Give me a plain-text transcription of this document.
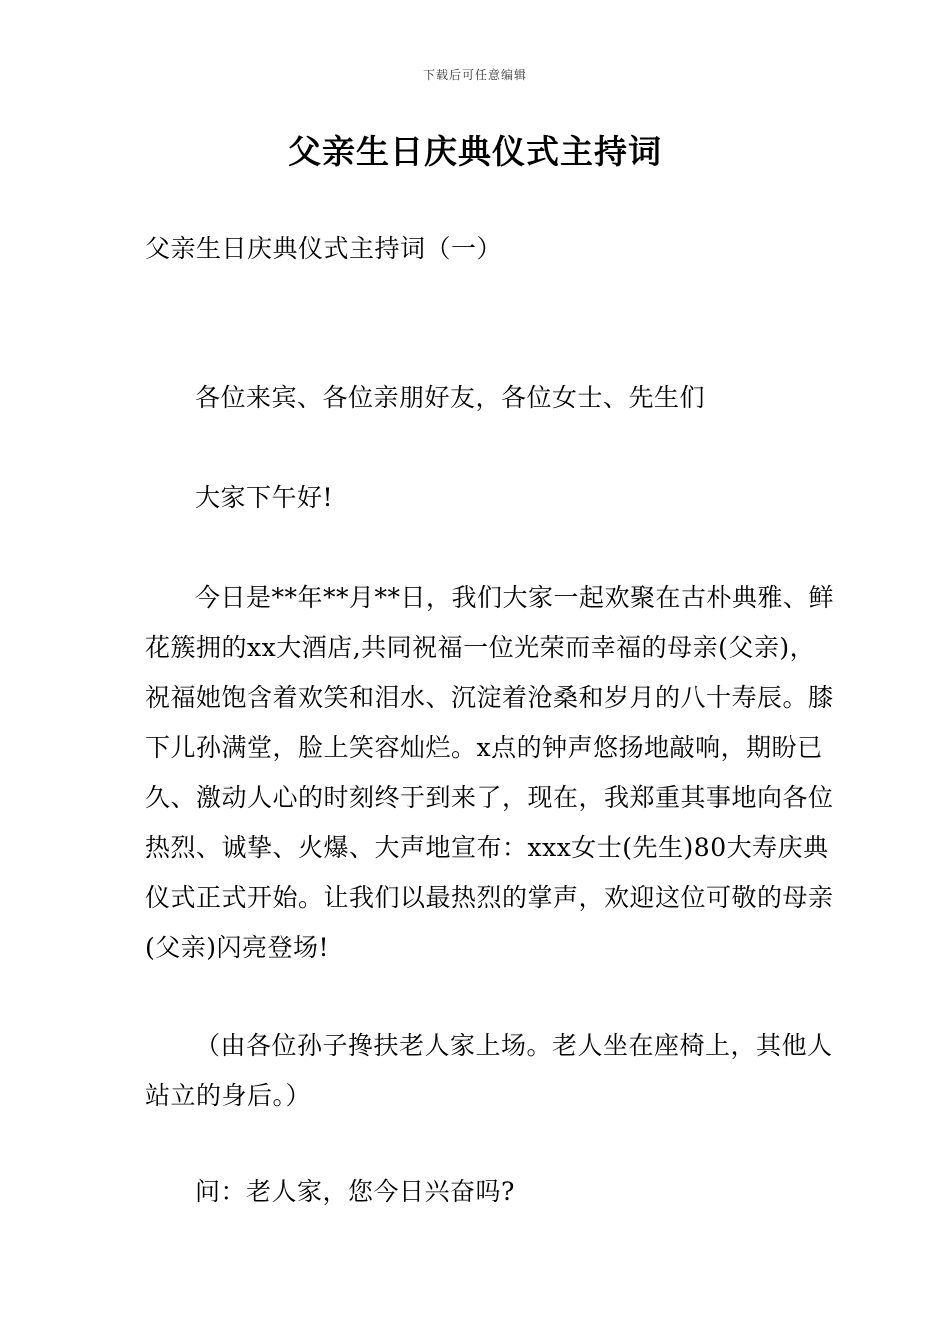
下载后可任意编辑
父亲生日庆典仪式主持词
父亲生日庆典仪式主持词（一）

各位来宾、各位亲朋好友，各位女士、先生们

大家下午好!

今日是**年**月**日，我们大家一起欢聚在古朴典雅、鲜花簇拥的xx大酒店,共同祝福一位光荣而幸福的母亲(父亲)，祝福她饱含着欢笑和泪水、沉淀着沧桑和岁月的八十寿辰。膝下儿孙满堂，脸上笑容灿烂。x点的钟声悠扬地敲响，期盼已久、激动人心的时刻终于到来了，现在，我郑重其事地向各位热烈、诚挚、火爆、大声地宣布：xxx女士(先生)80大寿庆典仪式正式开始。让我们以最热烈的掌声，欢迎这位可敬的母亲(父亲)闪亮登场!

（由各位孙子搀扶老人家上场。老人坐在座椅上，其他人站立的身后。）

问：老人家，您今日兴奋吗?
